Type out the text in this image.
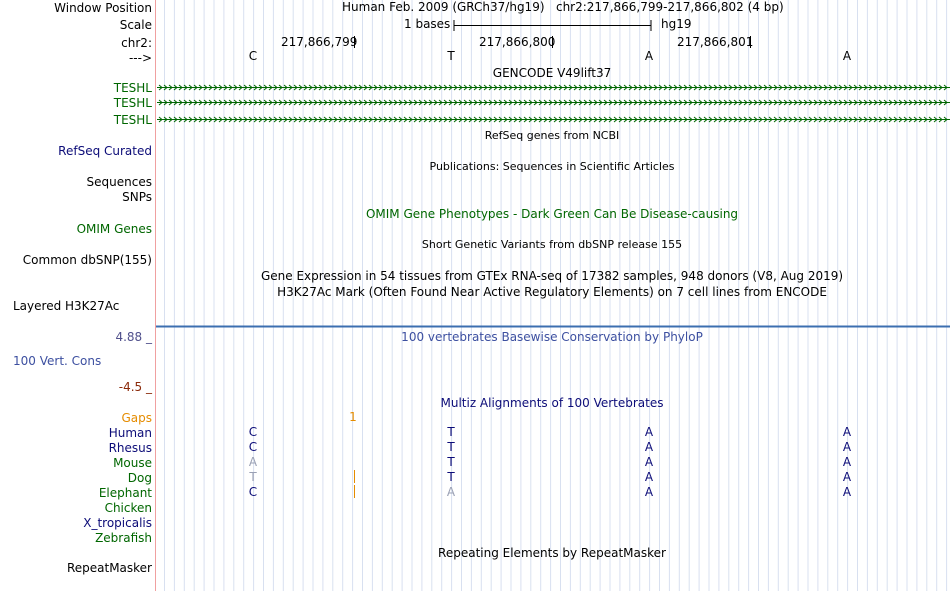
Window Position	Human Feb. 2009 (GRCh37/hg19) chr2:217,866,799-217,866,802 (4 bp)
Scale	1 bases	hg19
chr2:	217,866,799	217,866,800	217,866,801
--->	C	T	A	A
GENCODE V49lift37
TESHL
TESHL
TESHL
RefSeq genes from NCBI
RefSeq Curated
Publications: Sequences in Scientific Articles
Sequences
SNPs
OMIM Gene Phenotypes - Dark Green Can Be Disease-causing
OMIM Genes
Short Genetic Variants from dbSNP release 155
Common dbSNP(155)
Gene Expression in 54 tissues from GTEx RNA-seq of 17382 samples, 948 donors (V8, Aug 2019)
H3K27Ac Mark (Often Found Near Active Regulatory Elements) on 7 cell lines from ENCODE
Layered H3K27Ac
4.88 _	100 vertebrates Basewise Conservation by PhyloP
100 Vert. Cons
-4.5 _
Multiz Alignments of 100 Vertebrates
Gaps	1
Human	C	T	A	A
Rhesus	C	T	A	A
Mouse	A	T	A	A
Dog	T	T	A	A
Elephant	C	A	A	A
Chicken
X_tropicalis
Zebrafish
Repeating Elements by RepeatMasker
RepeatMasker
